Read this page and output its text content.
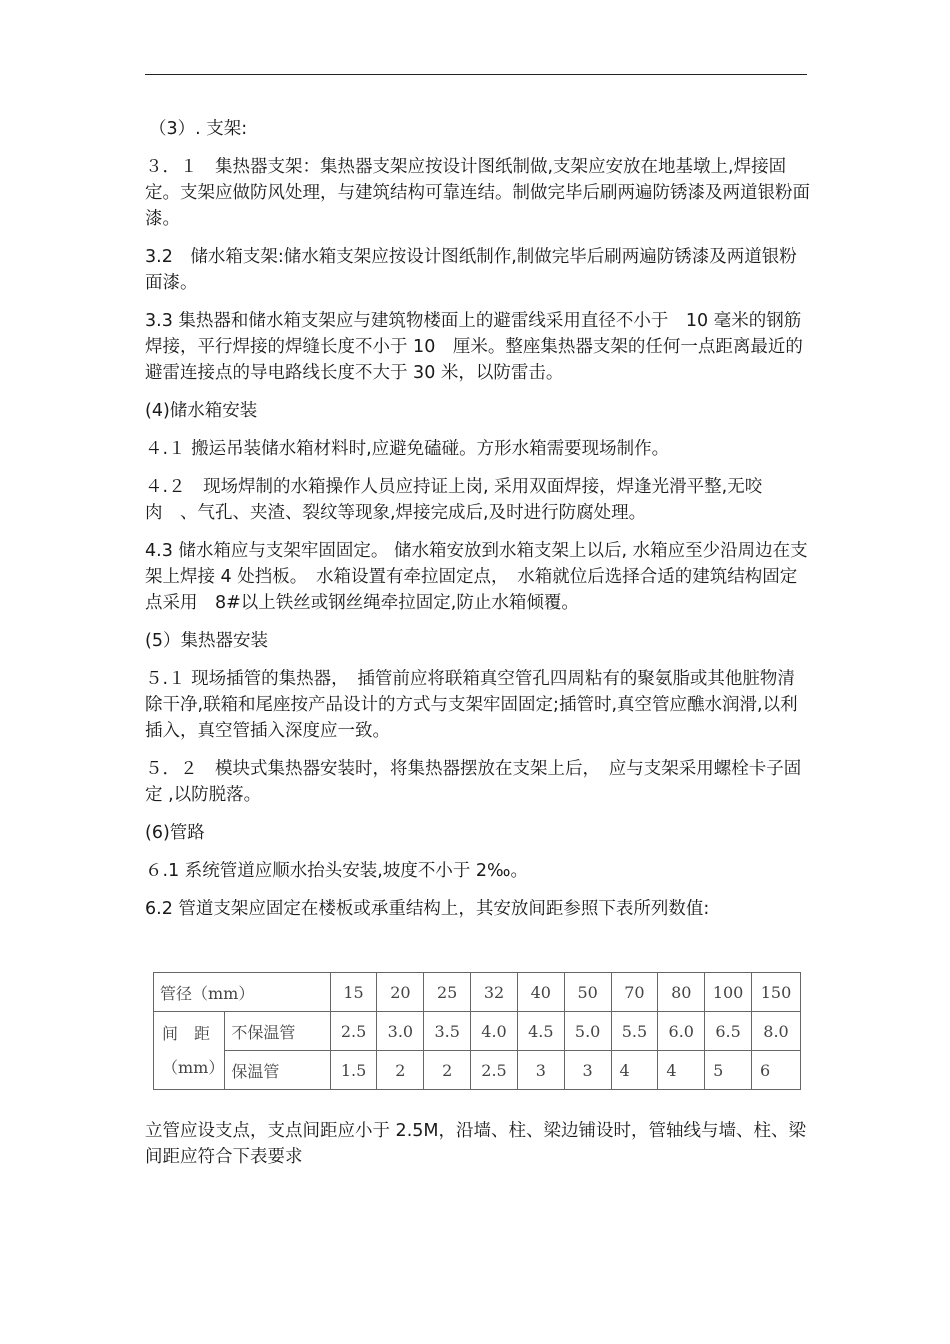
（3）. 支架:

３．１　集热器支架：集热器支架应按设计图纸制做,支架应安放在地基墩上,焊接固定。支架应做防风处理，与建筑结构可靠连结。制做完毕后刷两遍防锈漆及两道银粉面漆。

3.2　储水箱支架:储水箱支架应按设计图纸制作,制做完毕后刷两遍防锈漆及两道银粉面漆。

3.3 集热器和储水箱支架应与建筑物楼面上的避雷线采用直径不小于　10 毫米的钢筋焊接，平行焊接的焊缝长度不小于 10　厘米。整座集热器支架的任何一点距离最近的避雷连接点的导电路线长度不大于 30 米，以防雷击。

(4)储水箱安装

４.１ 搬运吊装储水箱材料时,应避免磕碰。方形水箱需要现场制作。

４.２　现场焊制的水箱操作人员应持证上岗, 采用双面焊接，焊逢光滑平整,无咬肉　、气孔、夹渣、裂纹等现象,焊接完成后,及时进行防腐处理。

4.3 储水箱应与支架牢固固定。 储水箱安放到水箱支架上以后, 水箱应至少沿周边在支架上焊接 4 处挡板。　水箱设置有牵拉固定点，　水箱就位后选择合适的建筑结构固定点采用　8#以上铁丝或钢丝绳牵拉固定,防止水箱倾覆。

(5）集热器安装

５.１ 现场插管的集热器，　插管前应将联箱真空管孔四周粘有的聚氨脂或其他脏物清除干净,联箱和尾座按产品设计的方式与支架牢固固定;插管时,真空管应醮水润滑,以利插入，真空管插入深度应一致。

５．２　模块式集热器安装时，将集热器摆放在支架上后，　应与支架采用螺栓卡子固定 ,以防脱落。

(6)管路

６.1 系统管道应顺水抬头安装,坡度不小于 2‰。

6.2 管道支架应固定在楼板或承重结构上，其安放间距参照下表所列数值:

管径（mm）		15	20	25	32	40	50	70	80	100	150

间　距
（mm）	不保温管	2.5	3.0	3.5	4.0	4.5	5.0	5.5	6.0	6.5	8.0
	保温管	1.5	2	2	2.5	3	3	4	4	5	6
立管应设支点，支点间距应小于 2.5M，沿墙、柱、梁边铺设时，管轴线与墙、柱、梁间距应符合下表要求
